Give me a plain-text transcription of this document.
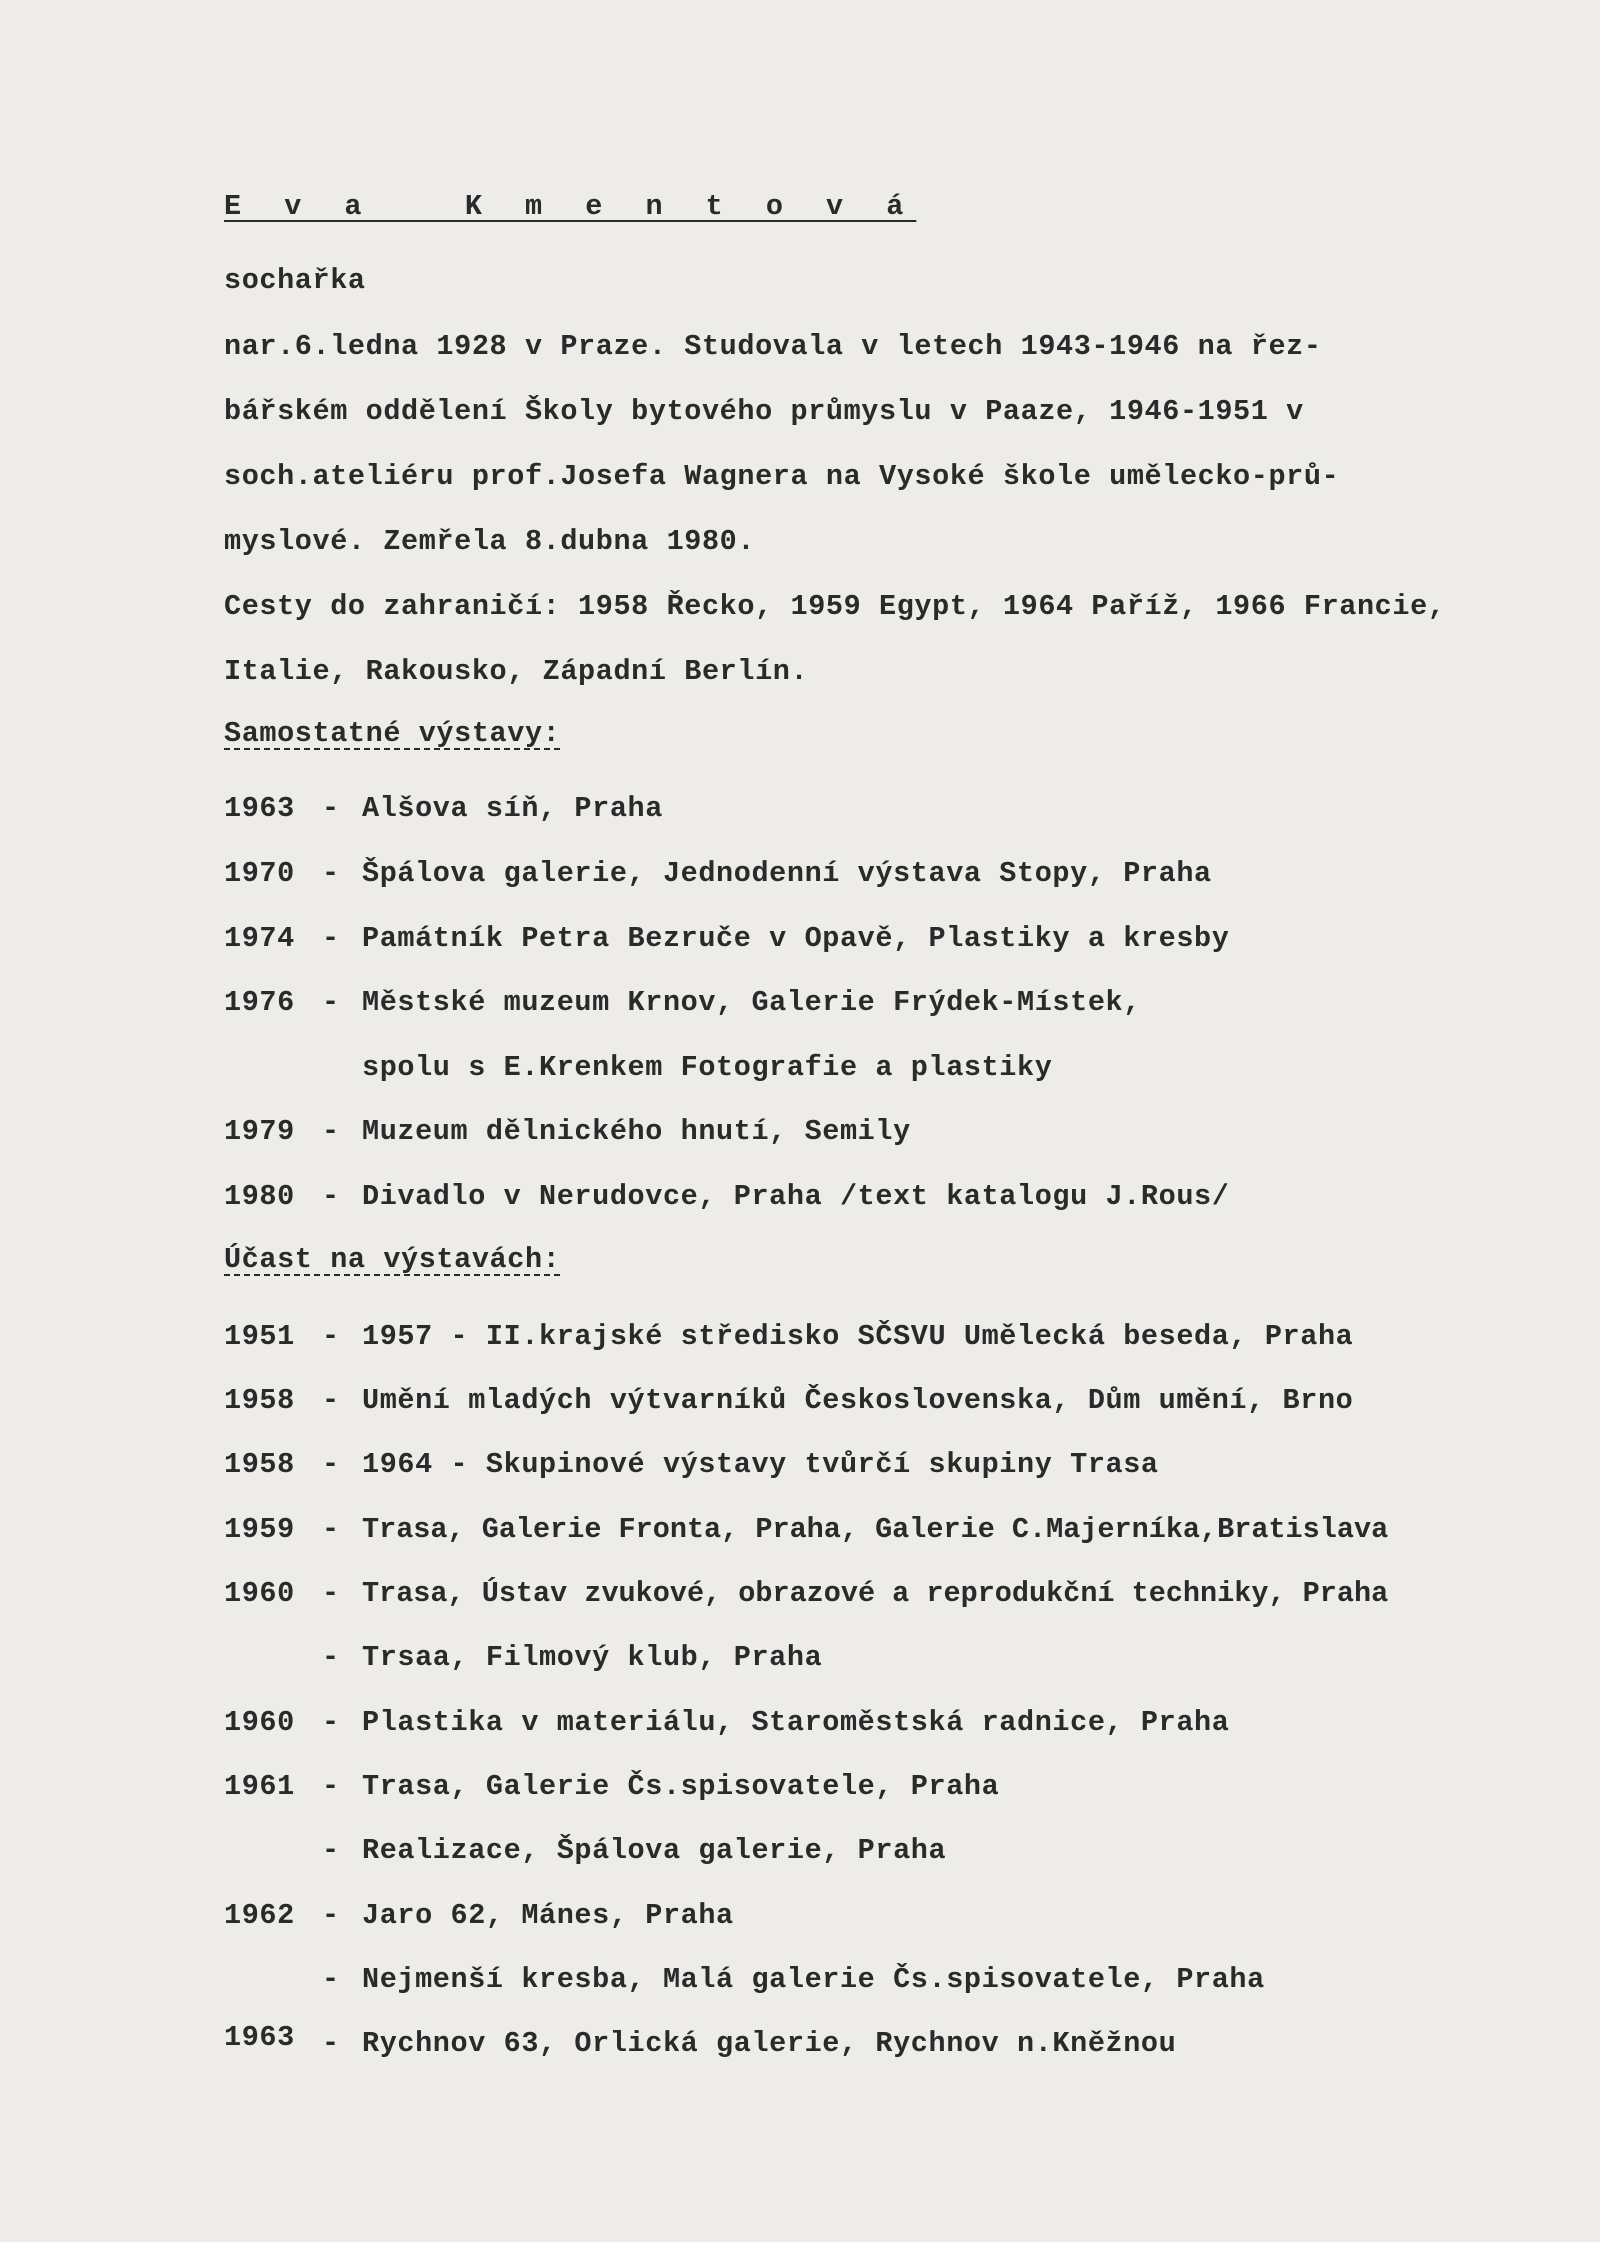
E v a   K m e n t o v á

sochařka

nar.6.ledna 1928 v Praze. Studovala v letech 1943-1946 na řez-

bářském oddělení Školy bytového průmyslu v Paaze, 1946-1951 v

soch.ateliéru prof.Josefa Wagnera na Vysoké škole umělecko-prů-

myslové. Zemřela 8.dubna 1980.

Cesty do zahraničí: 1958 Řecko, 1959 Egypt, 1964 Paříž, 1966 Francie,

Italie, Rakousko, Západní Berlín.

Samostatné výstavy:

1963 - Alšova síň, Praha

1970 - Špálova galerie, Jednodenní výstava Stopy, Praha

1974 - Památník Petra Bezruče v Opavě, Plastiky a kresby

1976 - Městské muzeum Krnov, Galerie Frýdek-Místek,

spolu s E.Krenkem Fotografie a plastiky

1979 - Muzeum dělnického hnutí, Semily

1980 - Divadlo v Nerudovce, Praha /text katalogu J.Rous/

Účast na výstavách:

1951 - 1957 - II.krajské středisko SČSVU Umělecká beseda, Praha

1958 - Umění mladých výtvarníků Československa, Dům umění, Brno

1958 - 1964 - Skupinové výstavy tvůrčí skupiny Trasa

1959 - Trasa, Galerie Fronta, Praha, Galerie C.Majerníka,Bratislava

1960 - Trasa, Ústav zvukové, obrazové a reprodukční techniky, Praha

- Trsaa, Filmový klub, Praha

1960 - Plastika v materiálu, Staroměstská radnice, Praha

1961 - Trasa, Galerie Čs.spisovatele, Praha

- Realizace, Špálova galerie, Praha

1962 - Jaro 62, Mánes, Praha

- Nejmenší kresba, Malá galerie Čs.spisovatele, Praha

1963 - Rychnov 63, Orlická galerie, Rychnov n.Kněžnou
